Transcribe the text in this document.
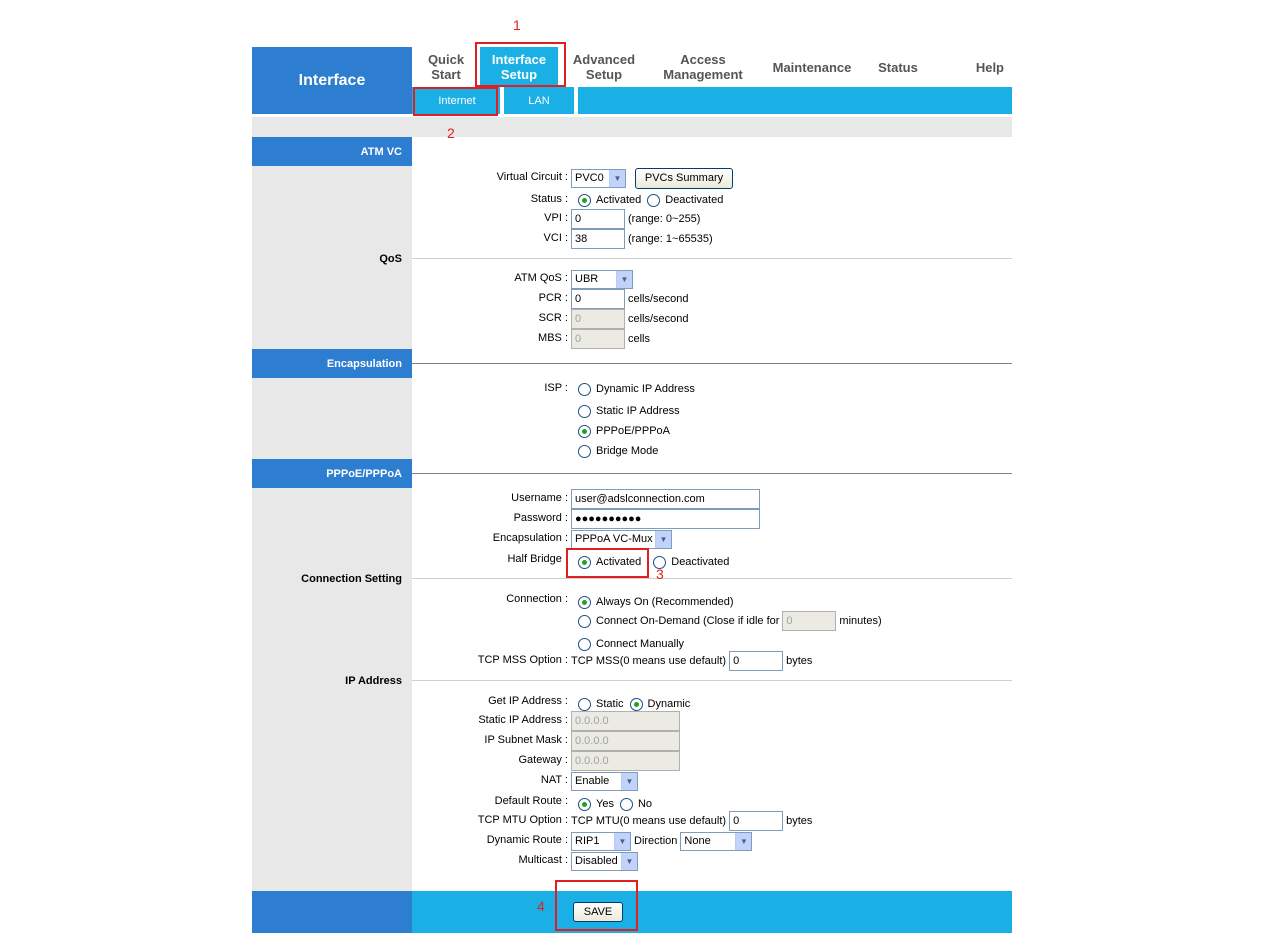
Interface
Quick
Start
Interface
Setup
Advanced
Setup
Access
Management Maintenance Status	Help
Internet	LAN
ATM VC
QoS
Encapsulation
PPPoE/PPPoA
Connection Setting
IP Address
Virtual Circuit : PVC0	▼	PVCs Summary
Status :	Activated Deactivated
VPI :
0	(range: 0~255)
VCI :
38	(range: 1~65535)
ATM QoS : UBR	▼
PCR :
0	cells/second
SCR :
0	cells/second
MBS :
0	cells
ISP :	Dynamic IP Address
Static IP Address
PPPoE/PPPoA
Bridge Mode
Username :
user@adslconnection.com
Password :
●●●●●●●●●●
Encapsulation : PPPoA VC-Mux ▼
Half Bridge :	Activated	Deactivated
Connection :	Always On (Recommended)
Connect On-Demand (Close if idle for
0	minutes)
Connect Manually
TCP MSS Option : TCP MSS(0 means use default)
0	bytes
Get IP Address :	Static Dynamic
Static IP Address :
0.0.0.0
IP Subnet Mask :
0.0.0.0
Gateway :
0.0.0.0
NAT : Enable	▼
Default Route :	Yes No
TCP MTU Option : TCP MTU(0 means use default)
0	bytes
Dynamic Route : RIP1	▼ Direction None	▼
Multicast : Disabled ▼
SAVE
1
2
3
4
